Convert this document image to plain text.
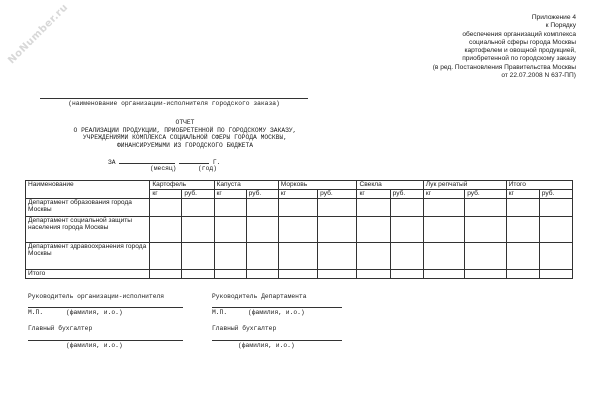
NoNumber.ru	Приложение 4
к Порядку
обеспечения организаций комплекса
социальной сферы города Москвы
картофелем и овощной продукцией,
приобретенной по городскому заказу
(в ред. Постановления Правительства Москвы
от 22.07.2008 N 637-ПП)
(наименование организации-исполнителя городского заказа)
ОТЧЕТ
О РЕАЛИЗАЦИИ ПРОДУКЦИИ, ПРИОБРЕТЕННОЙ ПО ГОРОДСКОМУ ЗАКАЗУ,
УЧРЕЖДЕНИЯМИ КОМПЛЕКСА СОЦИАЛЬНОЙ СФЕРЫ ГОРОДА МОСКВЫ,
ФИНАНСИРУЕМЫМИ ИЗ ГОРОДСКОГО БЮДЖЕТА
ЗА	Г.
(месяц)	(год)
Наименование	Картофель		Капуста		Морковь		Свекла		Лук репчатый		Итого	
	кг	руб.	кг	руб.	кг	руб.	кг	руб.	кг	руб.	кг	руб.
Департамент образования города Москвы												
Департамент социальной защиты населения города Москвы												
Департамент здравоохранения города Москвы												
Итого												
Руководитель организации-исполнителя	Руководитель Департамента
М.П.	(фамилия, и.о.)	М.П.	(фамилия, и.о.)
Главный бухгалтер	Главный бухгалтер
(фамилия, и.о.)	(фамилия, и.о.)
